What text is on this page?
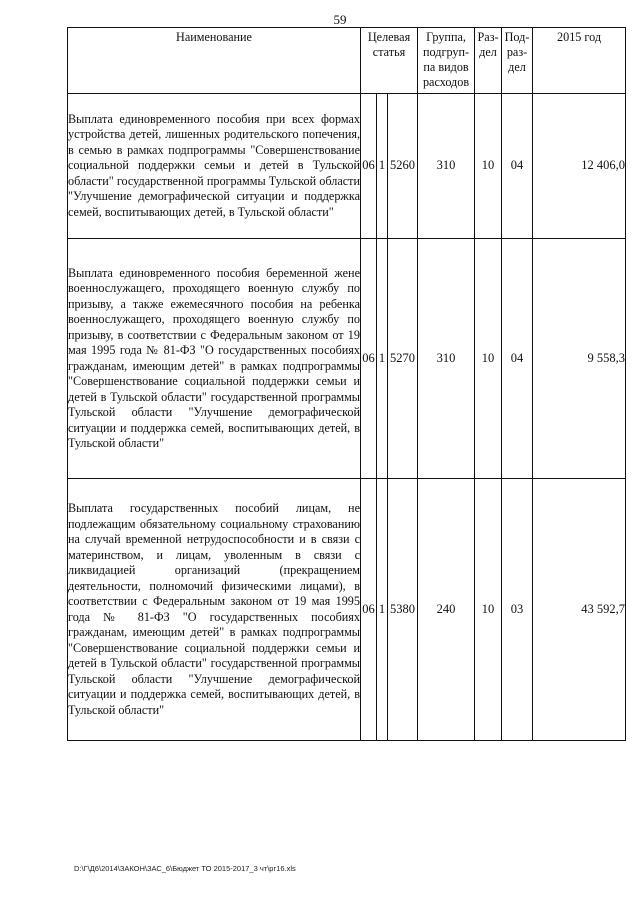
59
Наименование	Целевая статья			Группа, подгруп-па видов расходов	Раз-дел	Под-раз-дел	2015 год
Выплата единовременного пособия при всех формах устройства детей, лишенных родительского попечения, в семью в рамках подпрограммы "Совершенствование социальной поддержки семьи и детей в Тульской области" государственной программы Тульской области "Улучшение демографической ситуации и поддержка семей, воспитывающих детей, в Тульской области"	06	1	5260	310	10	04	12 406,0
Выплата единовременного пособия беременной жене военнослужащего, проходящего военную службу по призыву, а также ежемесячного пособия на ребенка военнослужащего, проходящего военную службу по призыву, в соответствии с Федеральным законом от 19 мая 1995 года № 81-ФЗ "О государственных пособиях гражданам, имеющим детей" в рамках подпрограммы "Совершенствование социальной поддержки семьи и детей в Тульской области" государственной программы Тульской области "Улучшение демографической ситуации и поддержка семей, воспитывающих детей, в Тульской области"	06	1	5270	310	10	04	9 558,3
Выплата государственных пособий лицам, не подлежащим обязательному социальному страхованию на случай временной нетрудоспособности и в связи с материнством, и лицам, уволенным в связи с ликвидацией организаций (прекращением деятельности, полномочий физическими лицами), в соответствии с Федеральным законом от 19 мая 1995 года № 81-ФЗ "О государственных пособиях гражданам, имеющим детей" в рамках подпрограммы "Совершенствование социальной поддержки семьи и детей в Тульской области" государственной программы Тульской области "Улучшение демографической ситуации и поддержка семей, воспитывающих детей, в Тульской области"	06	1	5380	240	10	03	43 592,7
D:\Г\Д6\2014\ЗАКОН\ЗАС_6\Бюджет ТО 2015-2017_3 чт\рг16.xls
